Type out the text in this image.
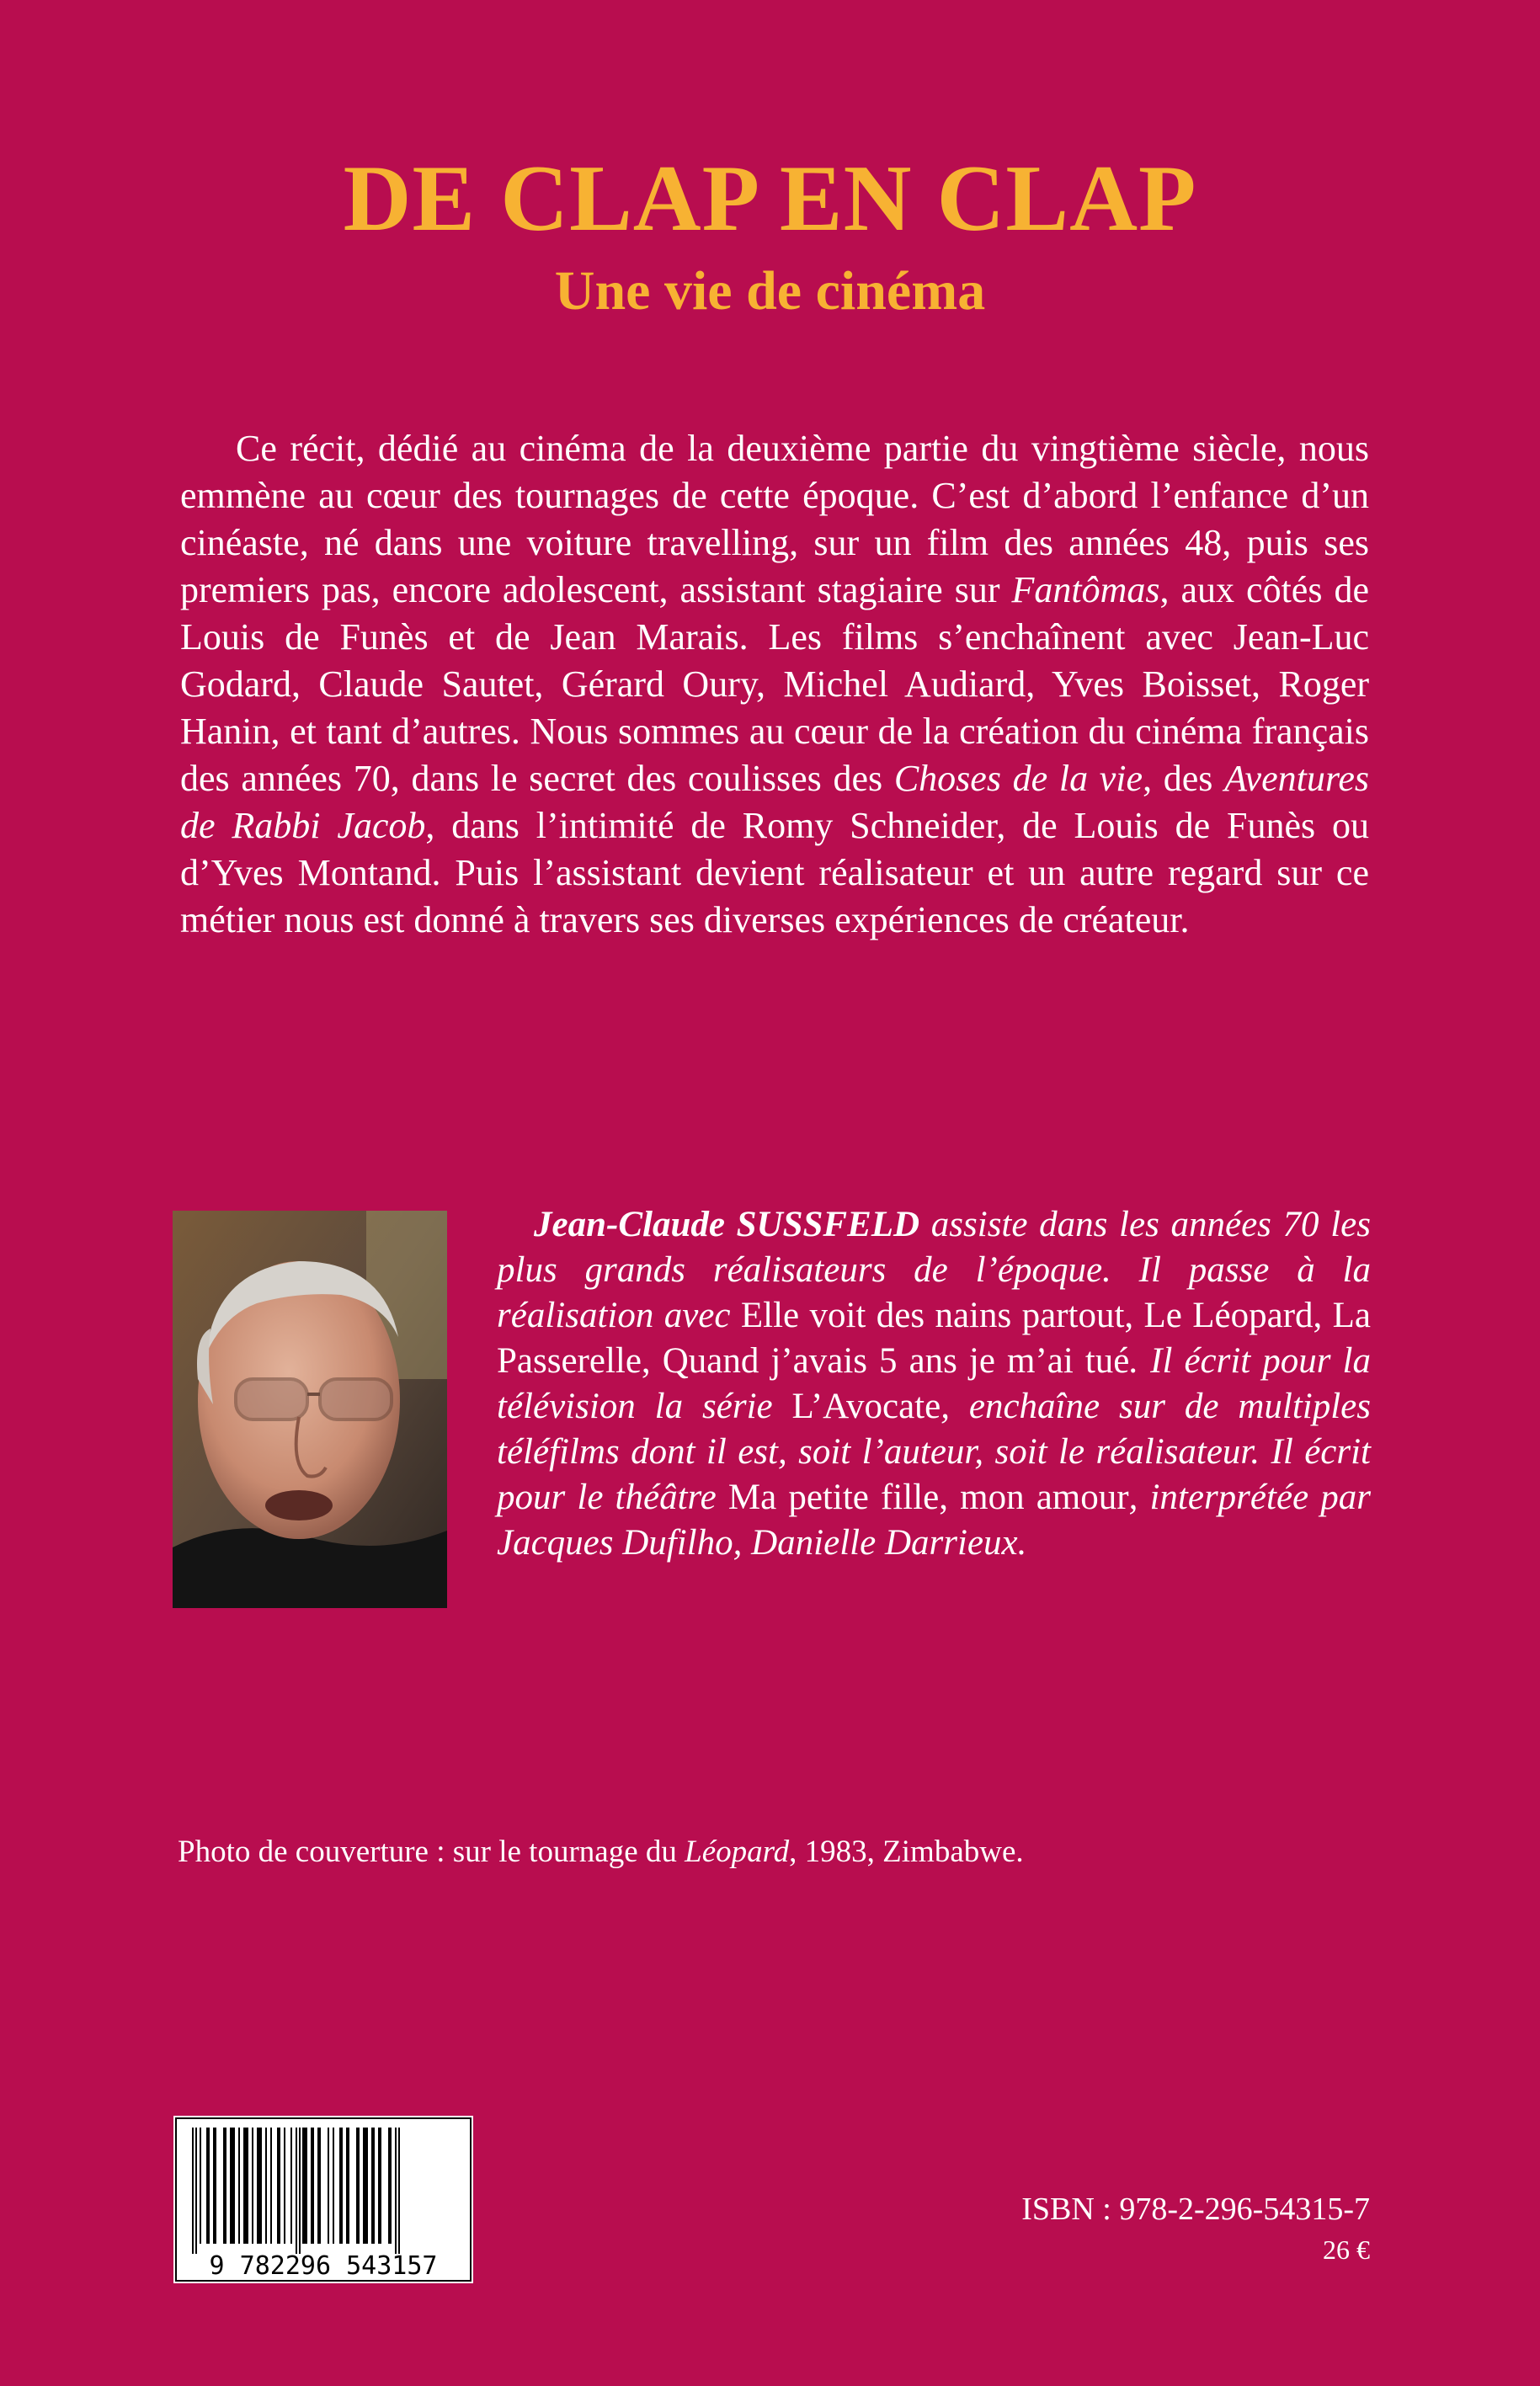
DE CLAP EN CLAP
Une vie de cinéma

Ce récit, dédié au cinéma de la deuxième partie du vingtième siècle, nous emmène au cœur des tournages de cette époque. C’est d’abord l’enfance d’un cinéaste, né dans une voiture travelling, sur un film des années 48, puis ses premiers pas, encore adolescent, assistant stagiaire sur Fantômas, aux côtés de Louis de Funès et de Jean Marais. Les films s’enchaînent avec Jean-Luc Godard, Claude Sautet, Gérard Oury, Michel Audiard, Yves Boisset, Roger Hanin, et tant d’autres. Nous sommes au cœur de la création du cinéma français des années 70, dans le secret des coulisses des Choses de la vie, des Aventures de Rabbi Jacob, dans l’intimité de Romy Schneider, de Louis de Funès ou d’Yves Montand. Puis l’assistant devient réalisateur et un autre regard sur ce métier nous est donné à travers ses diverses expériences de créateur.

Jean-Claude SUSSFELD assiste dans les années 70 les plus grands réalisateurs de l’époque. Il passe à la réalisation avec Elle voit des nains partout, Le Léopard, La Passerelle, Quand j’avais 5 ans je m’ai tué. Il écrit pour la télévision la série L’Avocate, enchaîne sur de multiples téléfilms dont il est, soit l’auteur, soit le réalisateur. Il écrit pour le théâtre Ma petite fille, mon amour, interprétée par Jacques Dufilho, Danielle Darrieux.

Photo de couverture : sur le tournage du Léopard, 1983, Zimbabwe.

9 782296 543157

ISBN : 978-2-296-54315-7

26 €
